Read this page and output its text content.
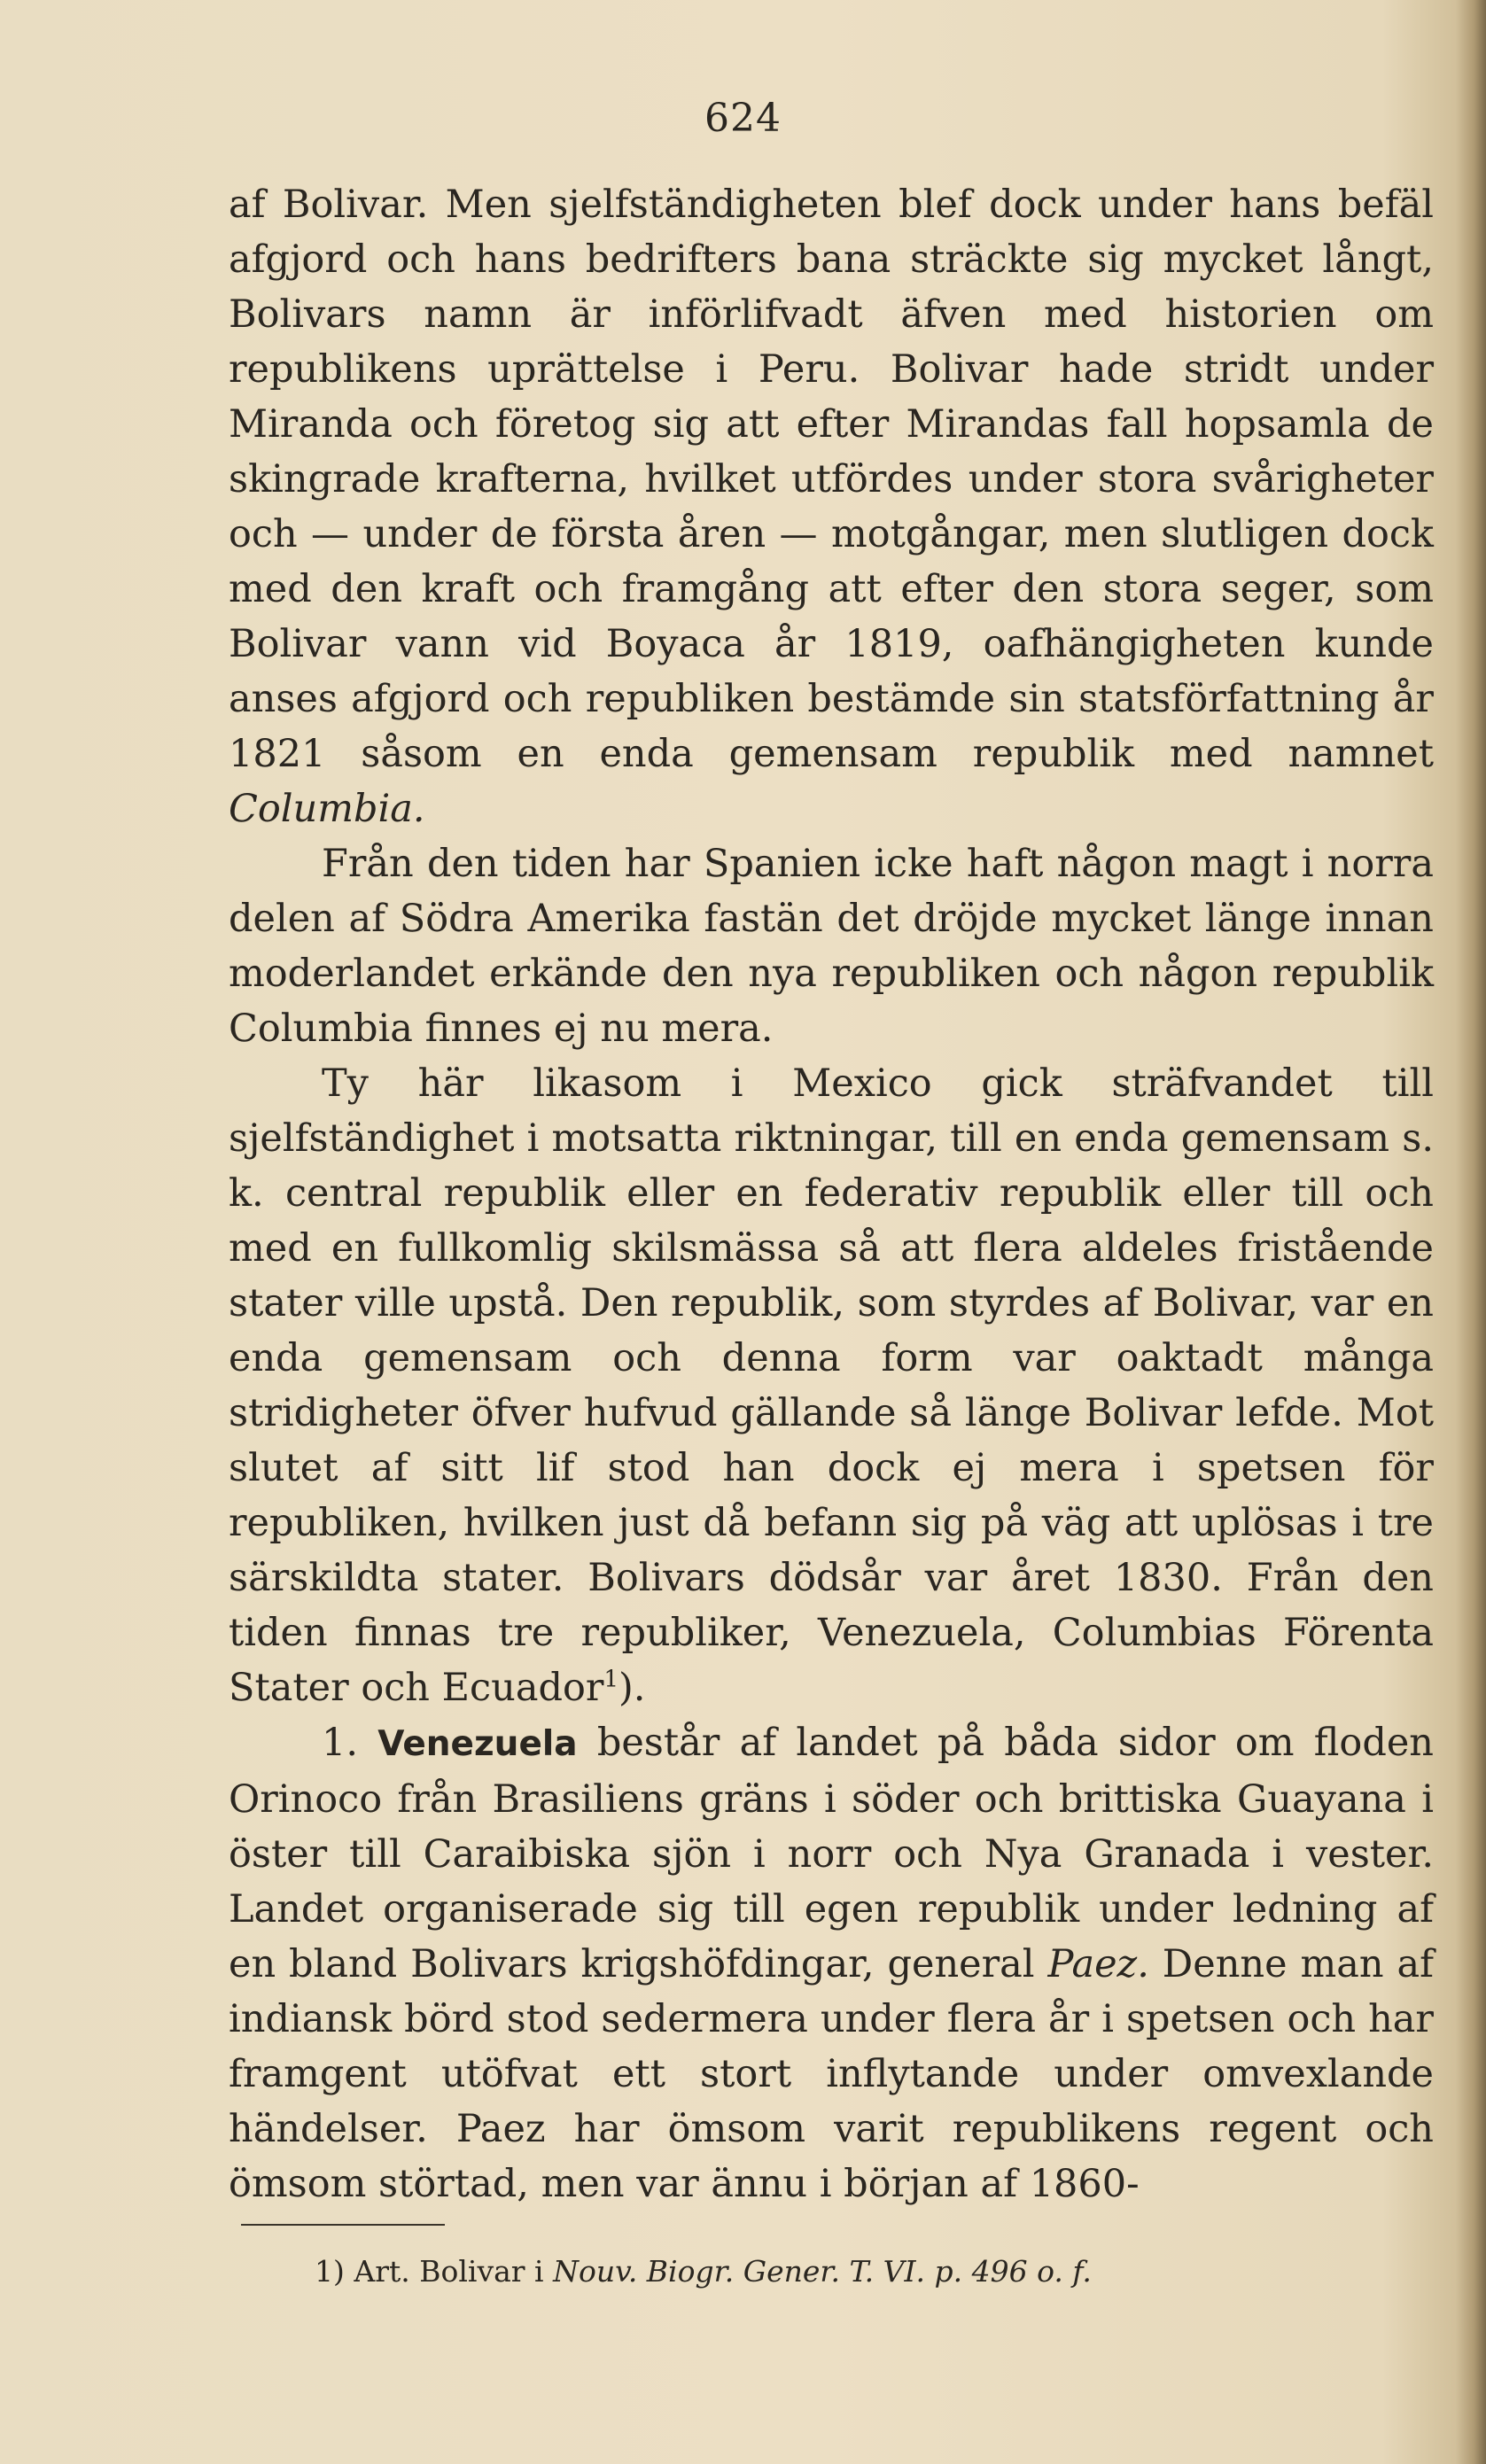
624

af Bolivar. Men sjelfständigheten blef dock under hans befäl afgjord och hans bedrifters bana sträckte sig mycket långt, Bolivars namn är införlifvadt äfven med historien om republikens uprättelse i Peru. Bolivar hade stridt under Miranda och företog sig att efter Mirandas fall hopsamla de skingrade krafterna, hvilket utfördes under stora svårigheter och — under de första åren — motgångar, men slutligen dock med den kraft och framgång att efter den stora seger, som Bolivar vann vid Boyaca år 1819, oafhängigheten kunde anses afgjord och republiken bestämde sin statsförfattning år 1821 såsom en enda gemensam republik med namnet Columbia.

Från den tiden har Spanien icke haft någon magt i norra delen af Södra Amerika fastän det dröjde mycket länge innan moderlandet erkände den nya republiken och någon republik Columbia finnes ej nu mera.

Ty här likasom i Mexico gick sträfvandet till sjelfständighet i motsatta riktningar, till en enda gemensam s. k. central republik eller en federativ republik eller till och med en fullkomlig skilsmässa så att flera aldeles fristående stater ville upstå. Den republik, som styrdes af Bolivar, var en enda gemensam och denna form var oaktadt många stridigheter öfver hufvud gällande så länge Bolivar lefde. Mot slutet af sitt lif stod han dock ej mera i spetsen för republiken, hvilken just då befann sig på väg att uplösas i tre särskildta stater. Bolivars dödsår var året 1830. Från den tiden finnas tre republiker, Venezuela, Columbias Förenta Stater och Ecuador$^1$).

1. Venezuela består af landet på båda sidor om floden Orinoco från Brasiliens gräns i söder och brittiska Guayana i öster till Caraibiska sjön i norr och Nya Granada i vester. Landet organiserade sig till egen republik under ledning af en bland Bolivars krigshöfdingar, general Paez. Denne man af indiansk börd stod sedermera under flera år i spetsen och har framgent utöfvat ett stort inflytande under omvexlande händelser. Paez har ömsom varit republikens regent och ömsom störtad, men var ännu i början af 1860-

1) Art. Bolivar i Nouv. Biogr. Gener. T. VI. p. 496 o. f.
